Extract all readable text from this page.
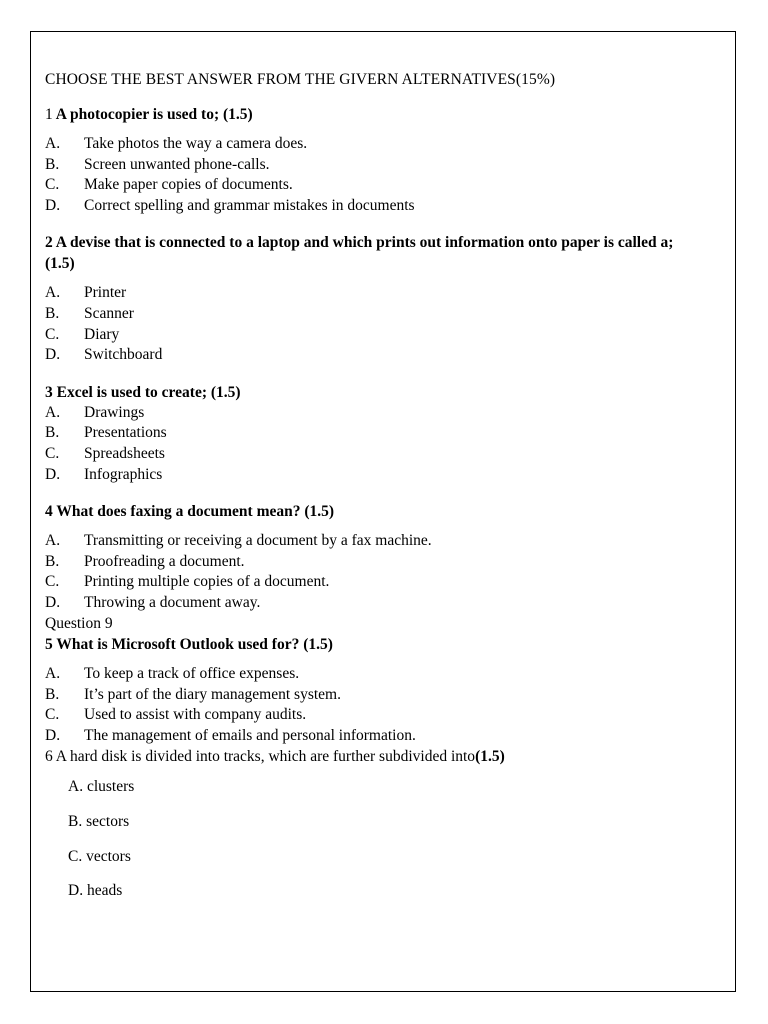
CHOOSE THE BEST ANSWER FROM THE GIVERN ALTERNATIVES(15%)

1 A photocopier is used to; (1.5)

A.	Take photos the way a camera does.
B.	Screen unwanted phone-calls.
C.	Make paper copies of documents.
D.	Correct spelling and grammar mistakes in documents

2 A devise that is connected to a laptop and which prints out information onto paper is called a; (1.5)

A.	Printer
B.	Scanner
C.	Diary
D.	Switchboard

3 Excel is used to create; (1.5)

A.	Drawings
B.	Presentations
C.	Spreadsheets
D.	Infographics

4 What does faxing a document mean? (1.5)

A.	Transmitting or receiving a document by a fax machine.
B.	Proofreading a document.
C.	Printing multiple copies of a document.
D.	Throwing a document away.

Question 9

5 What is Microsoft Outlook used for? (1.5)

A.	To keep a track of office expenses.
B.	It’s part of the diary management system.
C.	Used to assist with company audits.
D.	The management of emails and personal information.

6 A hard disk is divided into tracks, which are further subdivided into(1.5)

A. clusters
B. sectors
C. vectors
D. heads
